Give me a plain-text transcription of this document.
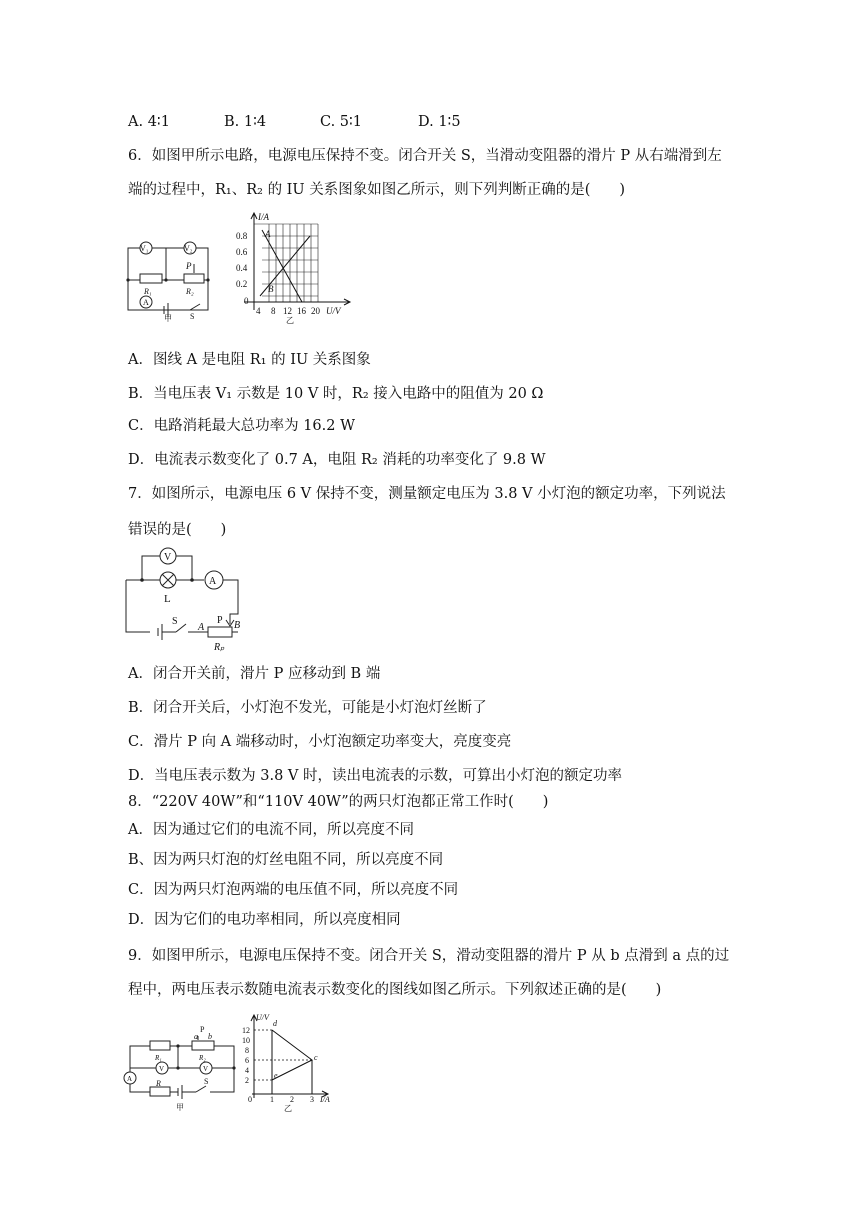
A. 4∶1	B. 1∶4	C. 5∶1	D. 1∶5
6．如图甲所示电路，电源电压保持不变。闭合开关 S，当滑动变阻器的滑片 P 从右端滑到左
端的过程中，R₁、R₂ 的 IU 关系图象如图乙所示，则下列判断正确的是(　　)
V₁	V₂
P
R₁	R₂
A
S
甲
I/A
0.8
0.6
0.4
0.2
0
4 8 12 16 20 U/V
A
B
乙
A．图线 A 是电阻 R₁ 的 IU 关系图象
B．当电压表 V₁ 示数是 10 V 时，R₂ 接入电路中的阻值为 20 Ω
C．电路消耗最大总功率为 16.2 W
D．电流表示数变化了 0.7 A，电阻 R₂ 消耗的功率变化了 9.8 W
7．如图所示，电源电压 6 V 保持不变，测量额定电压为 3.8 V 小灯泡的额定功率，下列说法
错误的是(　　)
V
A
L
S
A	B
P
Rₚ
A．闭合开关前，滑片 P 应移动到 B 端
B．闭合开关后，小灯泡不发光，可能是小灯泡灯丝断了
C．滑片 P 向 A 端移动时，小灯泡额定功率变大，亮度变亮
D．当电压表示数为 3.8 V 时，读出电流表的示数，可算出小灯泡的额定功率
8．“220V 40W”和“110V 40W”的两只灯泡都正常工作时(　　)
A．因为通过它们的电流不同，所以亮度不同
B、因为两只灯泡的灯丝电阻不同，所以亮度不同
C．因为两只灯泡两端的电压值不同，所以亮度不同
D．因为它们的电功率相同，所以亮度相同
9．如图甲所示，电源电压保持不变。闭合开关 S，滑动变阻器的滑片 P 从 b 点滑到 a 点的过
程中，两电压表示数随电流表示数变化的图线如图乙所示。下列叙述正确的是(　　)
P
a b
R₁	R₂
V	V
A	R	S
甲
U/V
12
10
8
6
4
2
0 1 2 3 I/A
d
c
e
乙
